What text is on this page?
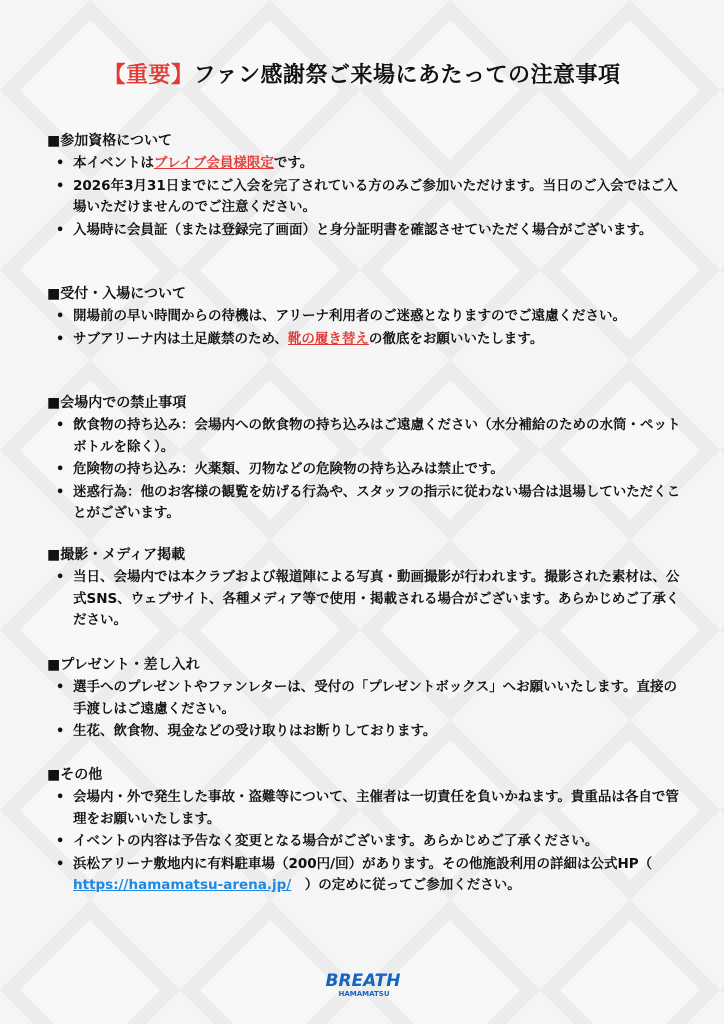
【重要】ファン感謝祭ご来場にあたっての注意事項
■参加資格について
• 本イベントはブレイブ会員様限定です。
• 2026年3月31日までにご入会を完了されている方のみご参加いただけます。当日のご入会ではご入場いただけませんのでご注意ください。
• 入場時に会員証（または登録完了画面）と身分証明書を確認させていただく場合がございます。
■受付・入場について
• 開場前の早い時間からの待機は、アリーナ利用者のご迷惑となりますのでご遠慮ください。
• サブアリーナ内は土足厳禁のため、靴の履き替えの徹底をお願いいたします。
■会場内での禁止事項
• 飲食物の持ち込み：会場内への飲食物の持ち込みはご遠慮ください（水分補給のための水筒・ペットボトルを除く）。
• 危険物の持ち込み：火薬類、刃物などの危険物の持ち込みは禁止です。
• 迷惑行為：他のお客様の観覧を妨げる行為や、スタッフの指示に従わない場合は退場していただくことがございます。
■撮影・メディア掲載
• 当日、会場内では本クラブおよび報道陣による写真・動画撮影が行われます。撮影された素材は、公式SNS、ウェブサイト、各種メディア等で使用・掲載される場合がございます。あらかじめご了承ください。
■プレゼント・差し入れ
• 選手へのプレゼントやファンレターは、受付の「プレゼントボックス」へお願いいたします。直接の手渡しはご遠慮ください。
• 生花、飲食物、現金などの受け取りはお断りしております。
■その他
• 会場内・外で発生した事故・盗難等について、主催者は一切責任を負いかねます。貴重品は各自で管理をお願いいたします。
• イベントの内容は予告なく変更となる場合がございます。あらかじめご了承ください。
• 浜松アリーナ敷地内に有料駐車場（200円/回）があります。その他施設利用の詳細は公式HP（　https://hamamatsu-arena.jp/　）の定めに従ってご参加ください。
BREATH
HAMAMATSU
